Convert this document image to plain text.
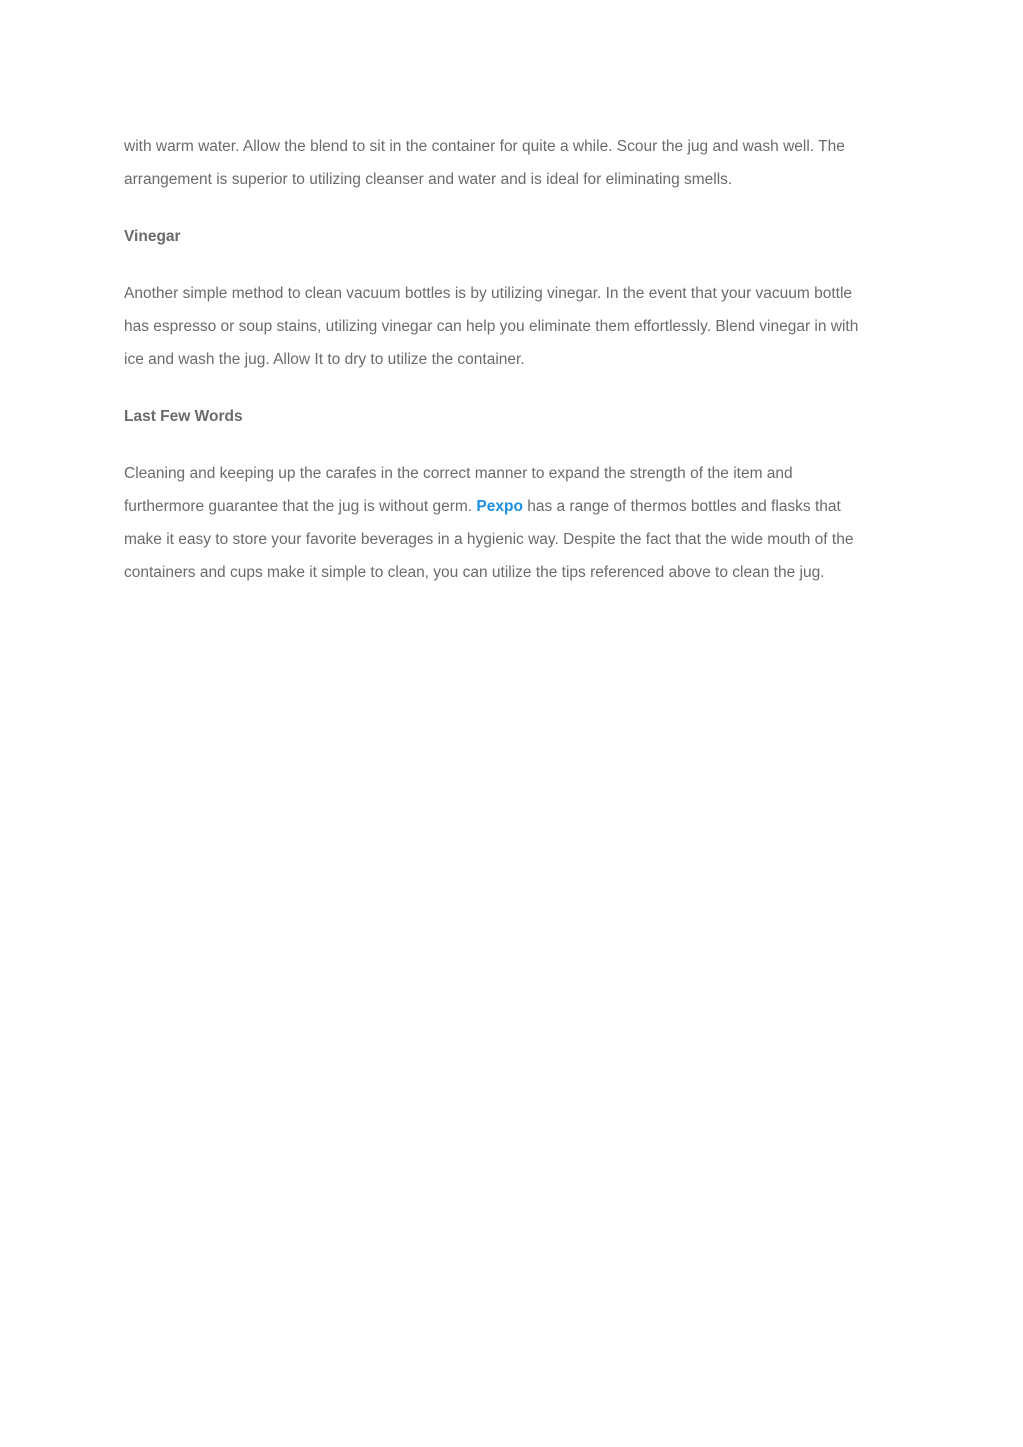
with warm water. Allow the blend to sit in the container for quite a while. Scour the jug and wash well. The

arrangement is superior to utilizing cleanser and water and is ideal for eliminating smells.

Vinegar

Another simple method to clean vacuum bottles is by utilizing vinegar. In the event that your vacuum bottle

has espresso or soup stains, utilizing vinegar can help you eliminate them effortlessly. Blend vinegar in with

ice and wash the jug. Allow It to dry to utilize the container.

Last Few Words

Cleaning and keeping up the carafes in the correct manner to expand the strength of the item and

furthermore guarantee that the jug is without germ. Pexpo has a range of thermos bottles and flasks that

make it easy to store your favorite beverages in a hygienic way. Despite the fact that the wide mouth of the

containers and cups make it simple to clean, you can utilize the tips referenced above to clean the jug.
